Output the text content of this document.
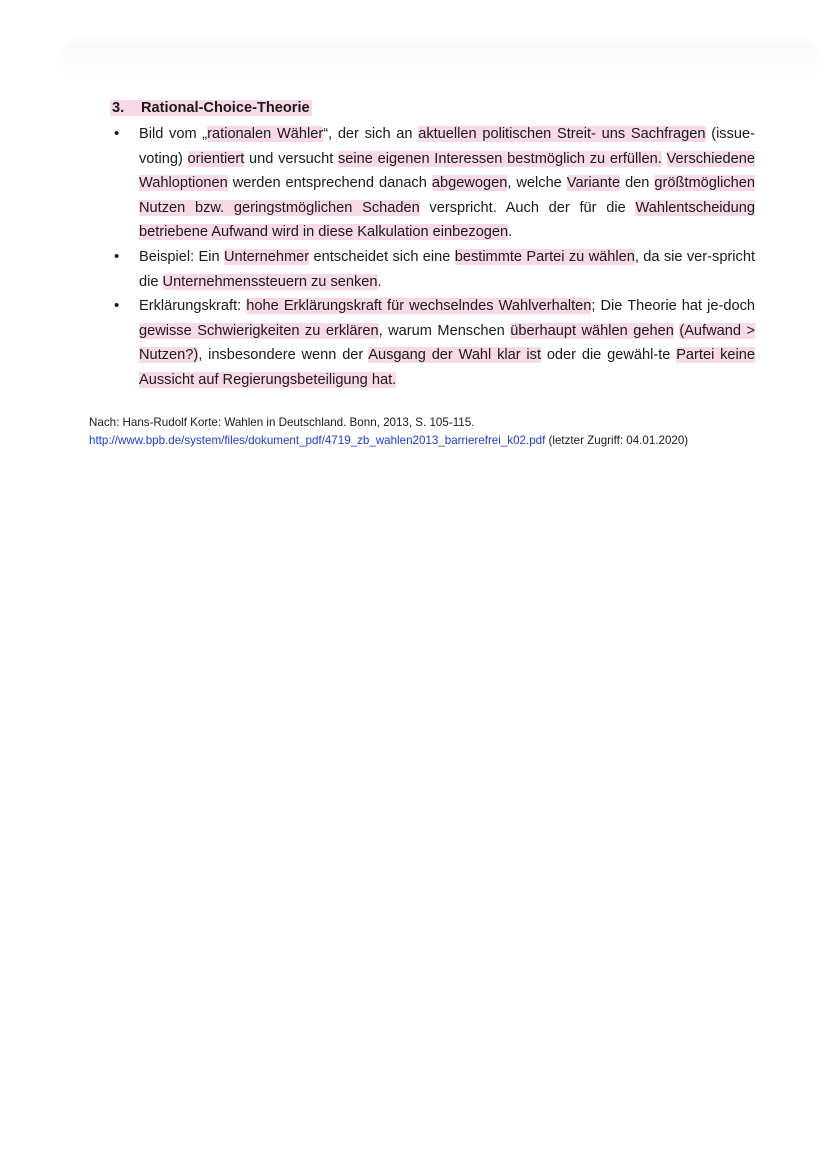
3.	Rational-Choice-Theorie
• Bild vom „rationalen Wähler“, der sich an aktuellen politischen Streit- uns Sachfragen (issue-voting) orientiert und versucht seine eigenen Interessen bestmöglich zu erfüllen. Verschiedene Wahloptionen werden entsprechend danach abgewogen, welche Variante den größtmöglichen Nutzen bzw. geringstmöglichen Schaden verspricht. Auch der für die Wahlentscheidung betriebene Aufwand wird in diese Kalkulation einbezogen.
• Beispiel: Ein Unternehmer entscheidet sich eine bestimmte Partei zu wählen, da sie ver-spricht die Unternehmenssteuern zu senken.
• Erklärungskraft: hohe Erklärungskraft für wechselndes Wahlverhalten; Die Theorie hat je-doch gewisse Schwierigkeiten zu erklären, warum Menschen überhaupt wählen gehen (Aufwand > Nutzen?), insbesondere wenn der Ausgang der Wahl klar ist oder die gewähl-te Partei keine Aussicht auf Regierungsbeteiligung hat.
Nach: Hans-Rudolf Korte: Wahlen in Deutschland. Bonn, 2013, S. 105-115.
http://www.bpb.de/system/files/dokument_pdf/4719_zb_wahlen2013_barrierefrei_k02.pdf (letzter Zugriff: 04.01.2020)
